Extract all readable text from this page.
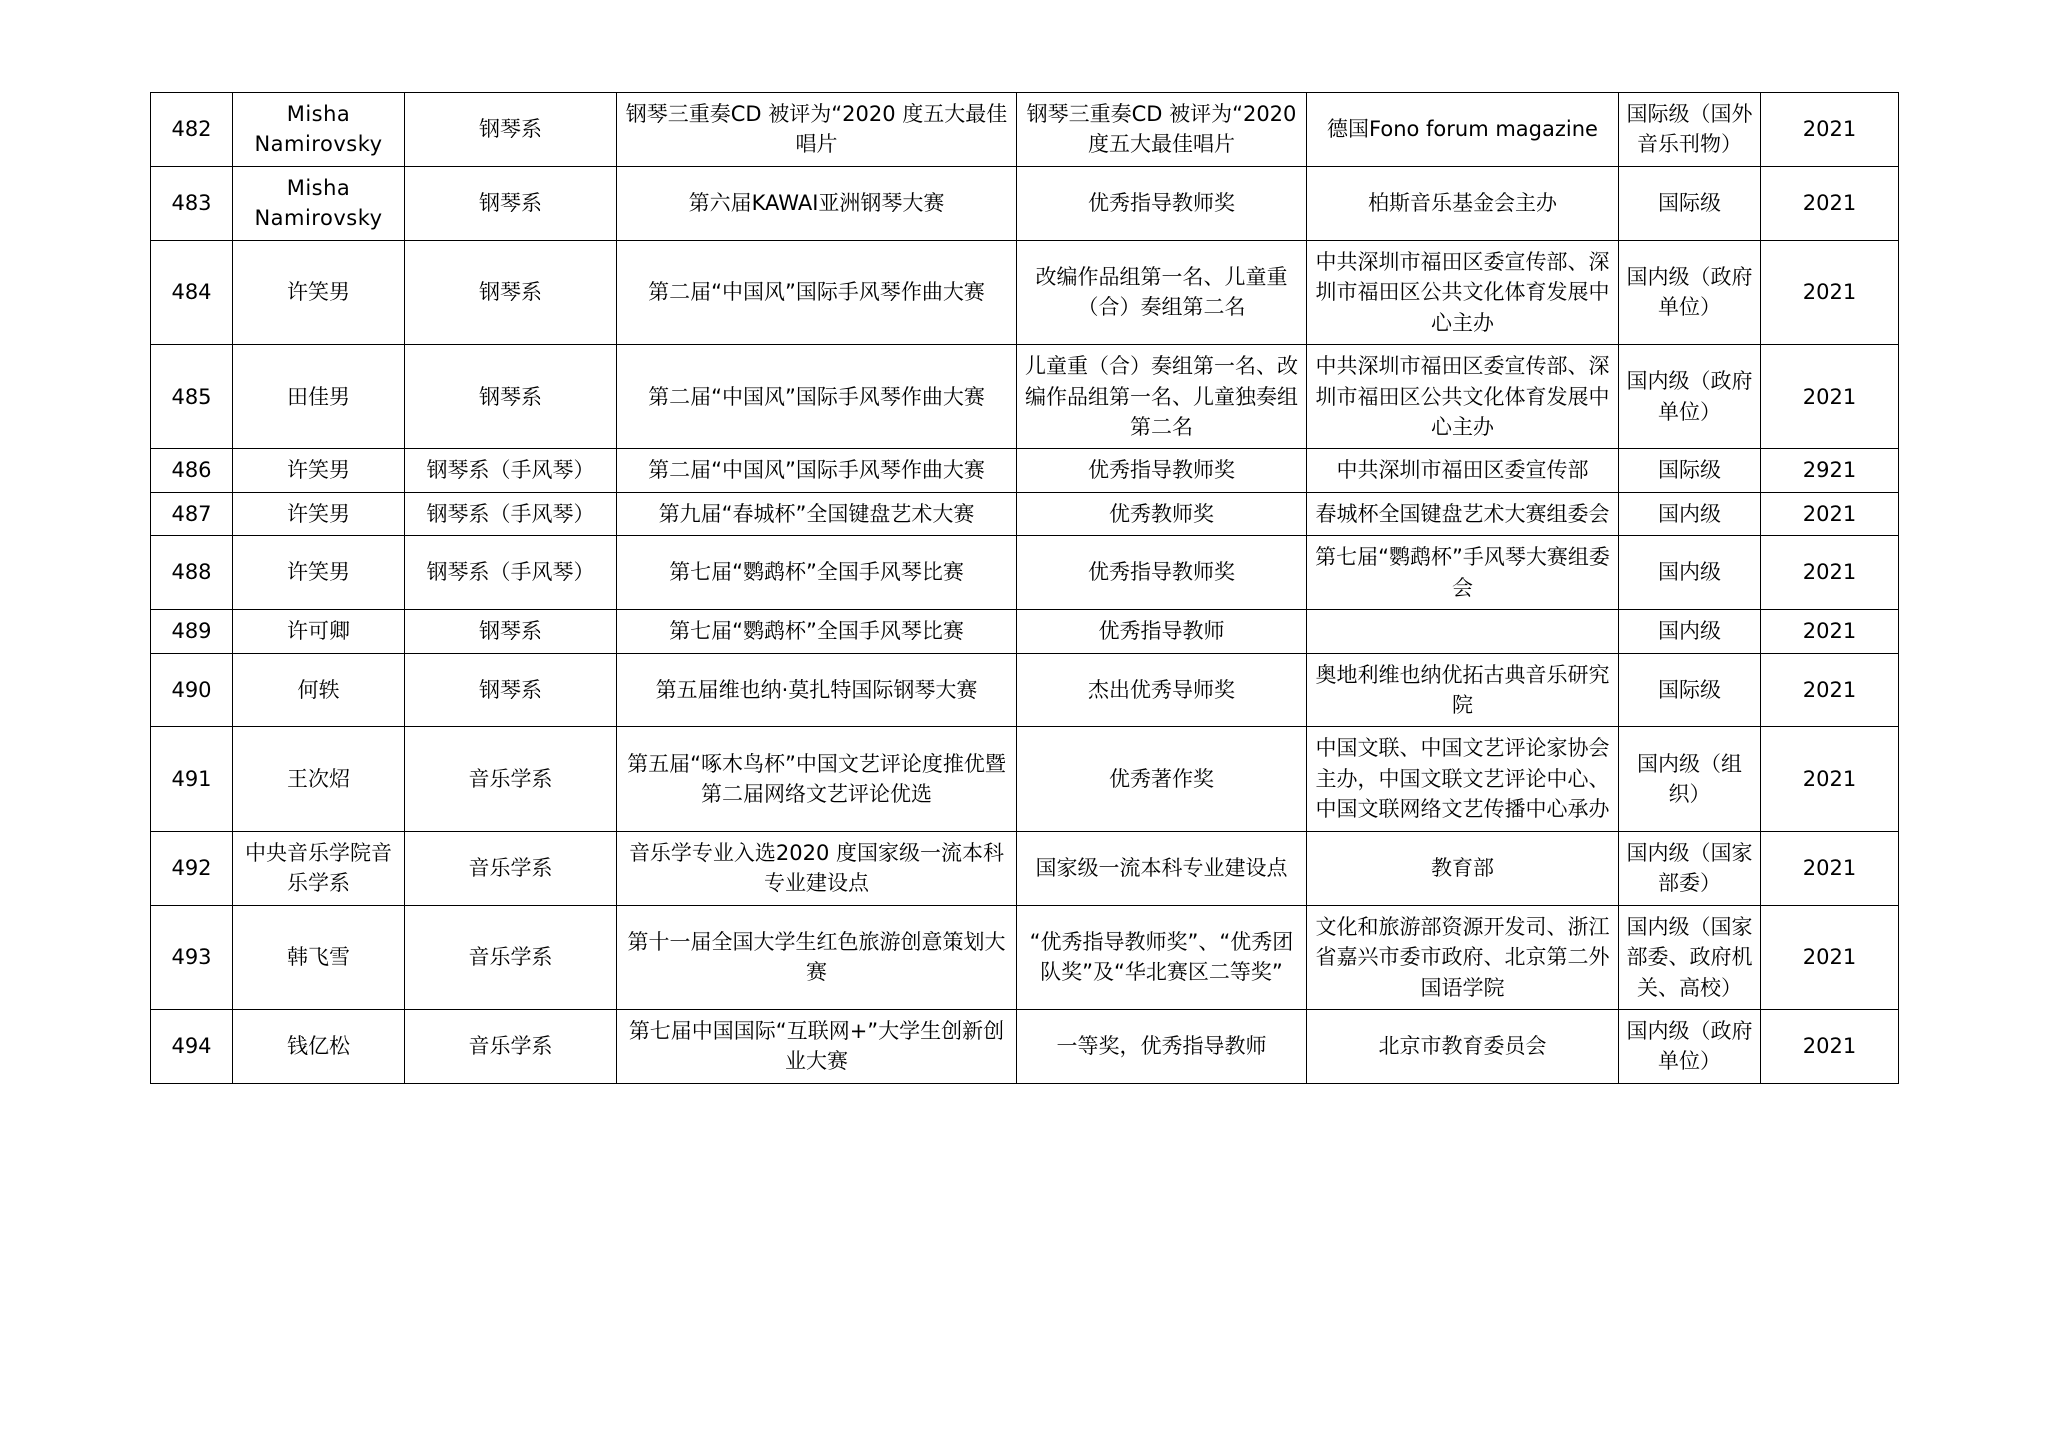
482	Misha Namirovsky	钢琴系	钢琴三重奏CD 被评为“2020 度五大最佳唱片	钢琴三重奏CD 被评为“2020 度五大最佳唱片	德国Fono forum magazine	国际级（国外音乐刊物）	2021
483	Misha Namirovsky	钢琴系	第六届KAWAI亚洲钢琴大赛	优秀指导教师奖	柏斯音乐基金会主办	国际级	2021
484	许笑男	钢琴系	第二届“中国风”国际手风琴作曲大赛	改编作品组第一名、儿童重（合）奏组第二名	中共深圳市福田区委宣传部、深圳市福田区公共文化体育发展中心主办	国内级（政府单位）	2021
485	田佳男	钢琴系	第二届“中国风”国际手风琴作曲大赛	儿童重（合）奏组第一名、改编作品组第一名、儿童独奏组第二名	中共深圳市福田区委宣传部、深圳市福田区公共文化体育发展中心主办	国内级（政府单位）	2021
486	许笑男	钢琴系（手风琴）	第二届“中国风”国际手风琴作曲大赛	优秀指导教师奖	中共深圳市福田区委宣传部	国际级	2921
487	许笑男	钢琴系（手风琴）	第九届“春城杯”全国键盘艺术大赛	优秀教师奖	春城杯全国键盘艺术大赛组委会	国内级	2021
488	许笑男	钢琴系（手风琴）	第七届“鹦鹉杯”全国手风琴比赛	优秀指导教师奖	第七届“鹦鹉杯”手风琴大赛组委会	国内级	2021
489	许可卿	钢琴系	第七届“鹦鹉杯”全国手风琴比赛	优秀指导教师		国内级	2021
490	何轶	钢琴系	第五届维也纳·莫扎特国际钢琴大赛	杰出优秀导师奖	奥地利维也纳优拓古典音乐研究院	国际级	2021
491	王次炤	音乐学系	第五届“啄木鸟杯”中国文艺评论度推优暨第二届网络文艺评论优选	优秀著作奖	中国文联、中国文艺评论家协会主办，中国文联文艺评论中心、中国文联网络文艺传播中心承办	国内级（组织）	2021
492	中央音乐学院音乐学系	音乐学系	音乐学专业入选2020 度国家级一流本科专业建设点	国家级一流本科专业建设点	教育部	国内级（国家部委）	2021
493	韩飞雪	音乐学系	第十一届全国大学生红色旅游创意策划大赛	“优秀指导教师奖”、“优秀团队奖”及“华北赛区二等奖”	文化和旅游部资源开发司、浙江省嘉兴市委市政府、北京第二外国语学院	国内级（国家部委、政府机关、高校）	2021
494	钱亿松	音乐学系	第七届中国国际“互联网+”大学生创新创业大赛	一等奖，优秀指导教师	北京市教育委员会	国内级（政府单位）	2021
